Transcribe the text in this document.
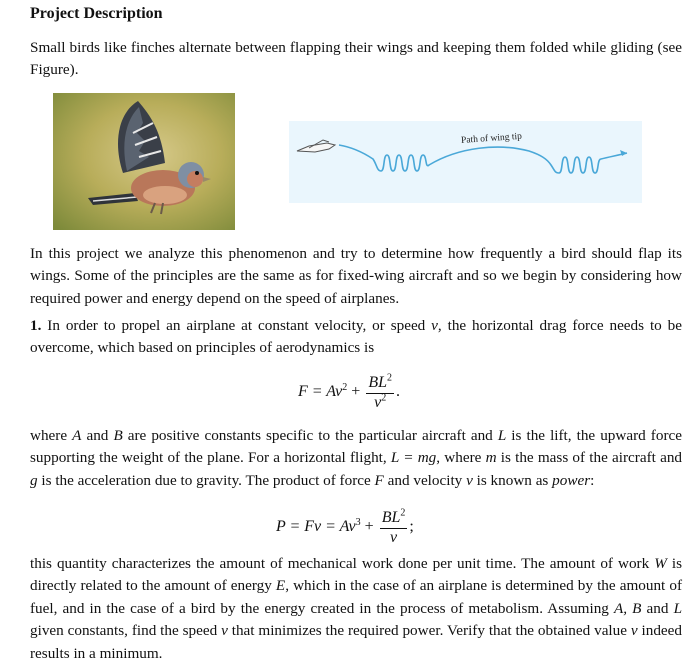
Project Description
Small birds like finches alternate between flapping their wings and keeping them folded while gliding (see Figure).
Path of wing tip
In this project we analyze this phenomenon and try to determine how frequently a bird should flap its wings. Some of the principles are the same as for fixed-wing aircraft and so we begin by considering how required power and energy depend on the speed of airplanes.
1. In order to propel an airplane at constant velocity, or speed v, the horizontal drag force needs to be overcome, which based on principles of aerodynamics is
$F = Av^2 + \frac{BL^2}{v^2}$ .
where A and B are positive constants specific to the particular aircraft and L is the lift, the upward force supporting the weight of the plane. For a horizontal flight, L = mg, where m is the mass of the aircraft and g is the acceleration due to gravity. The product of force F and velocity v is known as power:
$P = Fv = Av^3 + \frac{BL^2}{v}$ ;
this quantity characterizes the amount of mechanical work done per unit time. The amount of work W is directly related to the amount of energy E, which in the case of an airplane is determined by the amount of fuel, and in the case of a bird by the energy created in the process of metabolism. Assuming A, B and L given constants, find the speed v that minimizes the required power. Verify that the obtained value v indeed results in a minimum.
